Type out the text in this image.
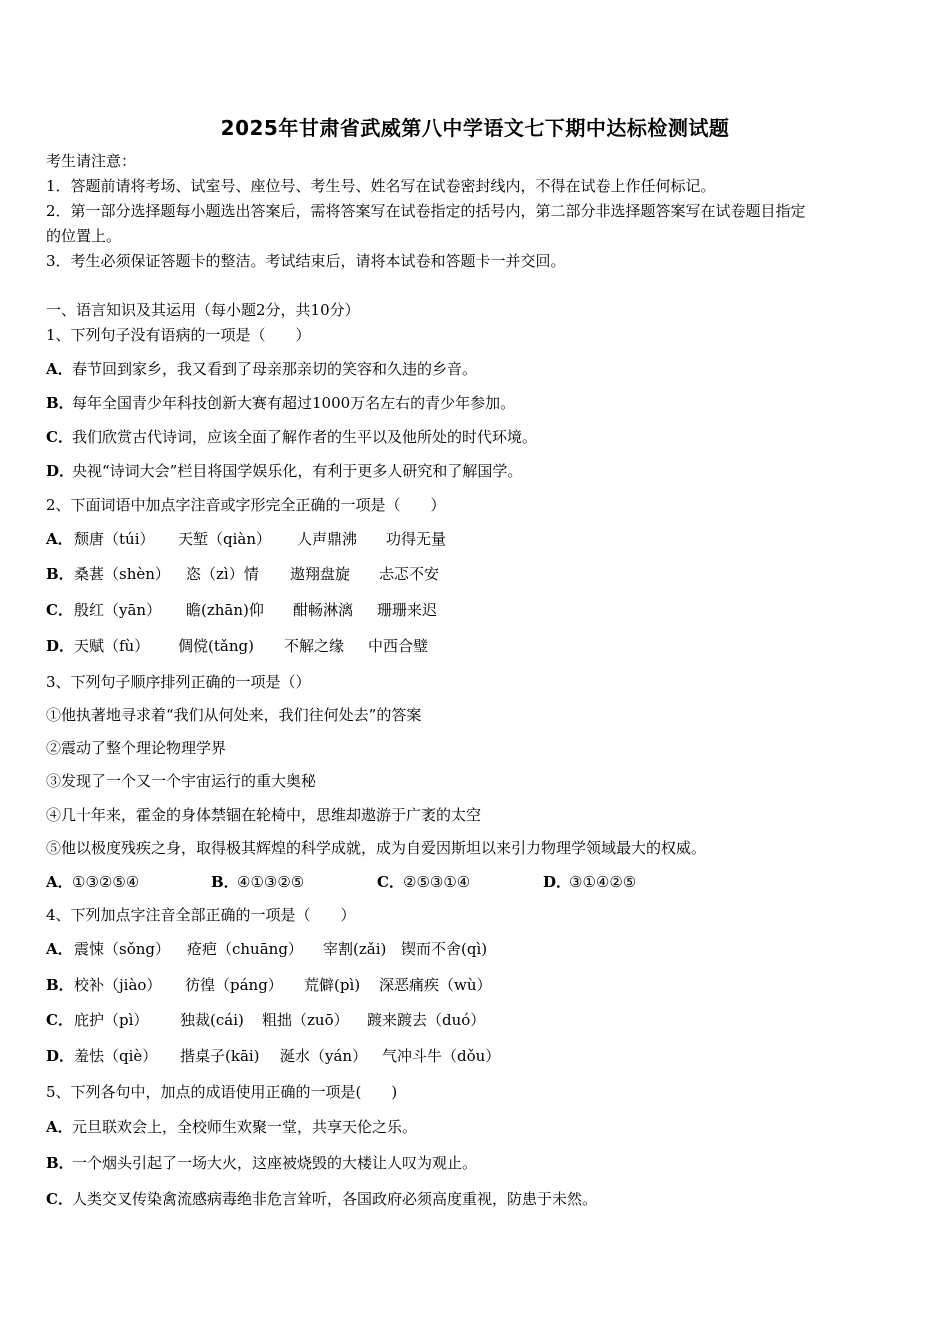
2025年甘肃省武威第八中学语文七下期中达标检测试题
考生请注意：
1．答题前请将考场、试室号、座位号、考生号、姓名写在试卷密封线内，不得在试卷上作任何标记。
2．第一部分选择题每小题选出答案后，需将答案写在试卷指定的括号内，第二部分非选择题答案写在试卷题目指定
的位置上。
3．考生必须保证答题卡的整洁。考试结束后，请将本试卷和答题卡一并交回。
一、语言知识及其运用（每小题2分，共10分）
1、下列句子没有语病的一项是（　　）
A．春节回到家乡，我又看到了母亲那亲切的笑容和久违的乡音。
B．每年全国青少年科技创新大赛有超过1000万名左右的青少年参加。
C．我们欣赏古代诗词，应该全面了解作者的生平以及他所处的时代环境。
D．央视“诗词大会”栏目将国学娱乐化，有利于更多人研究和了解国学。
2、下面词语中加点字注音或字形完全正确的一项是（　　）
A． 颓唐（túi） 天堑（qiàn） 人声鼎沸 功得无量
B． 桑葚（shèn） 恣（zì）情 遨翔盘旋 忐忑不安
C． 殷红（yān） 瞻(zhān)仰 酣畅淋漓 珊珊来迟
D． 天赋（fù） 倜傥(tǎng) 不解之缘 中西合璧
3、下列句子顺序排列正确的一项是（）
①他执著地寻求着“我们从何处来，我们往何处去”的答案
②震动了整个理论物理学界
③发现了一个又一个宇宙运行的重大奥秘
④几十年来，霍金的身体禁锢在轮椅中，思维却遨游于广袤的太空
⑤他以极度残疾之身，取得极其辉煌的科学成就，成为自爱因斯坦以来引力物理学领域最大的权威。
A．①③②⑤④	B．④①③②⑤	C．②⑤③①④	D．③①④②⑤
4、下列加点字注音全部正确的一项是（　　）
A． 震悚（sǒng） 疮疤（chuāng） 宰割(zǎi) 锲而不舍(qì)
B． 校补（jiào） 彷徨（páng） 荒僻(pì) 深恶痛疾（wù）
C． 庇护（pì） 独裁(cái) 粗拙（zuō） 踱来踱去（duó）
D． 羞怯（qiè） 揩桌子(kāi) 涎水（yán） 气冲斗牛（dǒu）
5、下列各句中，加点的成语使用正确的一项是(　　)
A．元旦联欢会上，全校师生欢聚一堂，共享天伦之乐。
B．一个烟头引起了一场大火，这座被烧毁的大楼让人叹为观止。
C．人类交叉传染禽流感病毒绝非危言耸听，各国政府必须高度重视，防患于未然。
